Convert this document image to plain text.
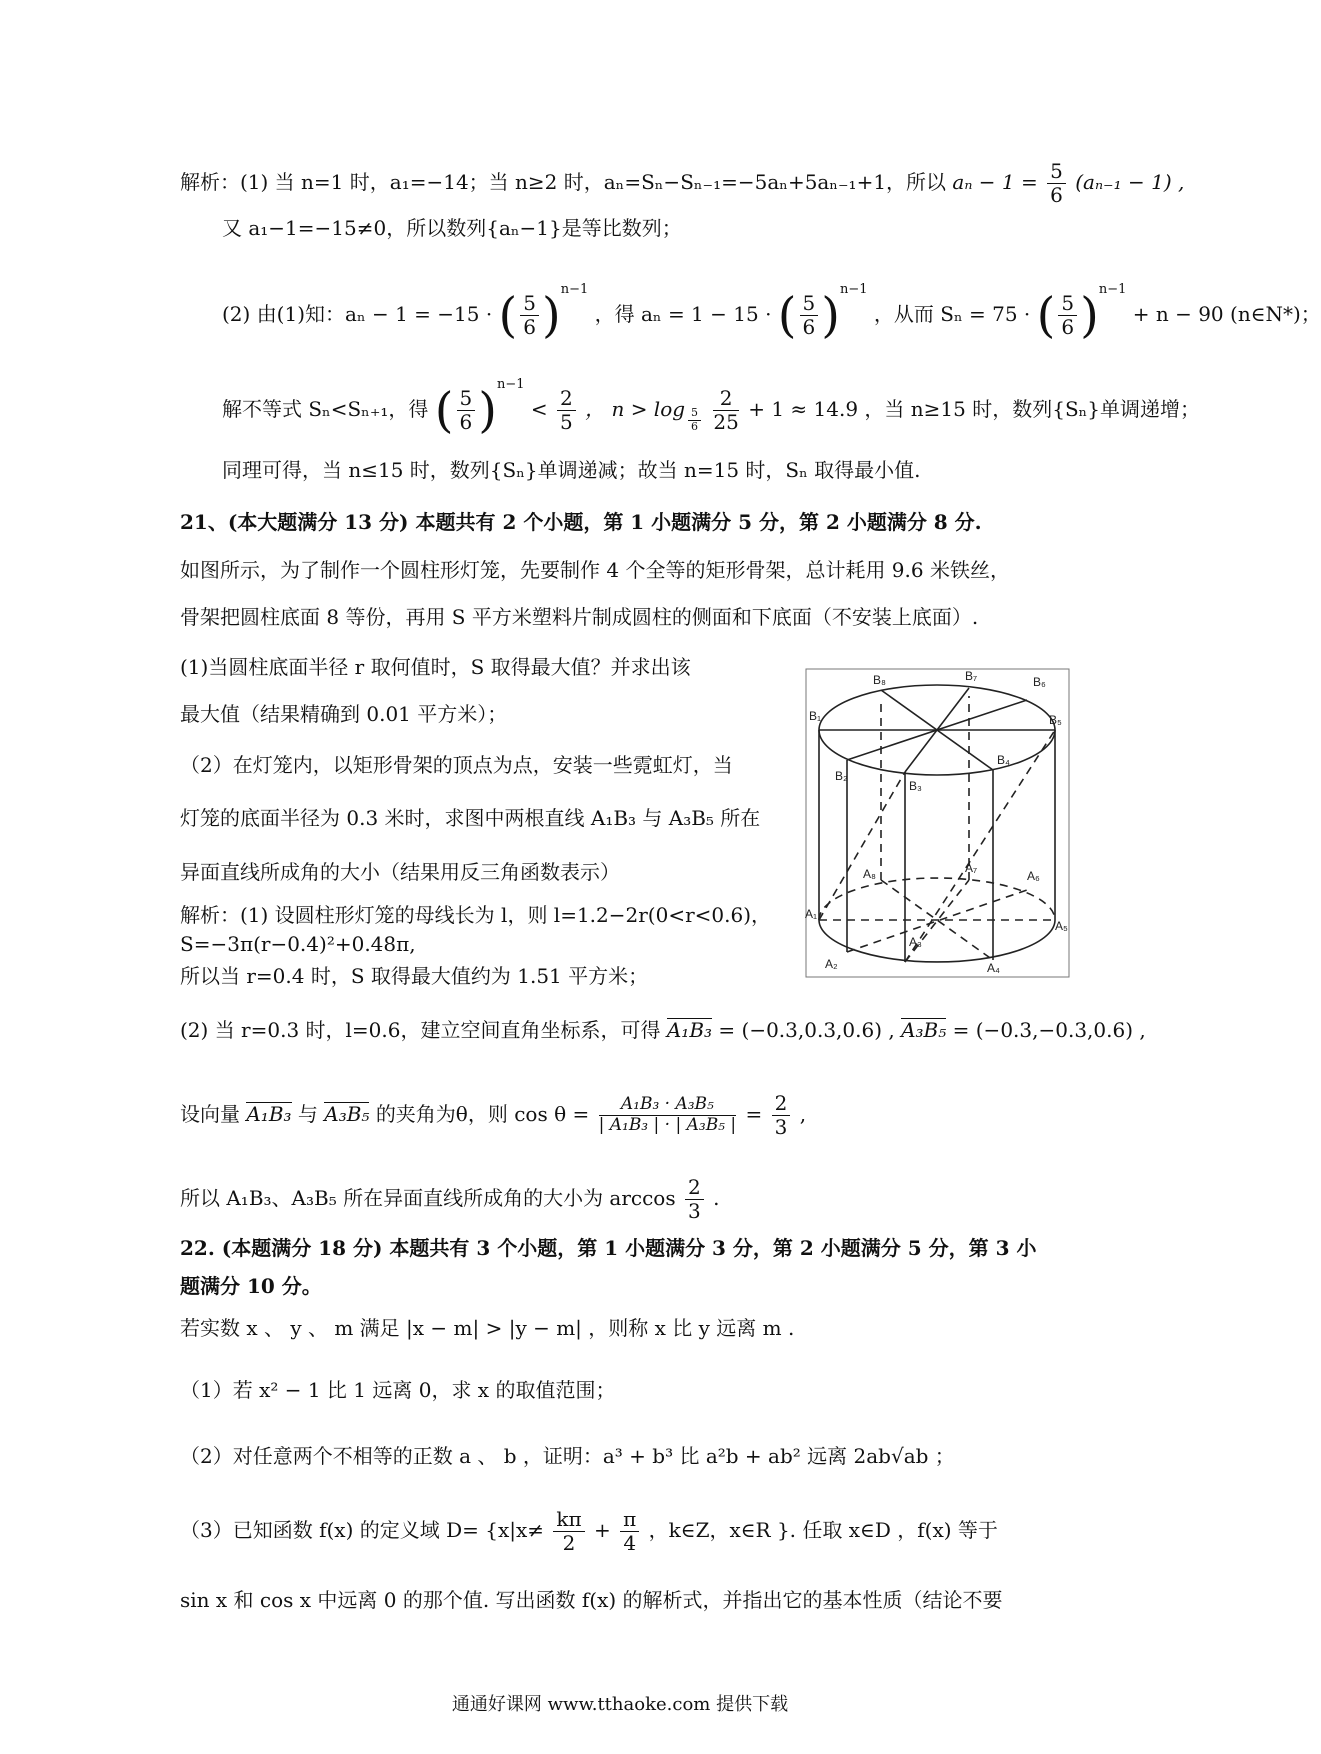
解析：(1) 当 n=1 时，a₁=−14；当 n≥2 时，aₙ=Sₙ−Sₙ₋₁=−5aₙ+5aₙ₋₁+1，所以 $a_n - 1 = \frac{5}{6} (a_{n-1} - 1)$ ,
又 a₁−1=−15≠0，所以数列{aₙ−1}是等比数列；
(2) 由(1)知：aₙ − 1 = −15 · ( $\frac{5}{6} )^{n-1}$ ，得 aₙ = 1 − 15 · ( $\frac{5}{6} )^{n-1}$ ，从而 Sₙ = 75 · ( $\frac{5}{6} )^{n-1} + n - 90$ (n∈N*)；
解不等式 Sₙ<Sₙ₊₁，得 ( $\frac{5}{6} )^{n-1} < \frac{2}{5}$ ， $n > \log \frac{5}{6}$
$\frac{2}{25} + 1 \approx 14.9$ ，当 n≥15 时，数列{Sₙ}单调递增；
同理可得，当 n≤15 时，数列{Sₙ}单调递减；故当 n=15 时，Sₙ 取得最小值.
21、(本大题满分 13 分) 本题共有 2 个小题，第 1 小题满分 5 分，第 2 小题满分 8 分.
如图所示，为了制作一个圆柱形灯笼，先要制作 4 个全等的矩形骨架，总计耗用 9.6 米铁丝，
骨架把圆柱底面 8 等份，再用 S 平方米塑料片制成圆柱的侧面和下底面（不安装上底面）.
(1)当圆柱底面半径 r 取何值时，S 取得最大值？并求出该
最大值（结果精确到 0.01 平方米）；
（2）在灯笼内，以矩形骨架的顶点为点，安装一些霓虹灯，当
灯笼的底面半径为 0.3 米时，求图中两根直线 A₁B₃ 与 A₃B₅ 所在
异面直线所成角的大小（结果用反三角函数表示）
解析：(1) 设圆柱形灯笼的母线长为 l，则 l=1.2−2r(0<r<0.6)，
S=−3π(r−0.4)²+0.48π,
所以当 r=0.4 时，S 取得最大值约为 1.51 平方米；
(2) 当 r=0.3 时，l=0.6，建立空间直角坐标系，可得 A₁B₃ = (−0.3,0.3,0.6) , A₃B₅ = (−0.3,−0.3,0.6) ,
设向量 A₁B₃ 与 A₃B₅ 的夹角为θ，则 $\cos \theta = \frac{\text{A₁B₃ · A₃B₅}}{\text{| A₁B₃ | · | A₃B₅ |}} = \frac{2}{3}$ ,
所以 A₁B₃、A₃B₅ 所在异面直线所成角的大小为 $\arccos \frac{2}{3}$ .
B₈	B₇	B₆
B₁	B₅
B₂
B₃
B₄
A₈	A₇
A₆
A₁
A₅
A₂
A₃
A₄
22. (本题满分 18 分) 本题共有 3 个小题，第 1 小题满分 3 分，第 2 小题满分 5 分，第 3 小
题满分 10 分。
若实数 x 、 y 、 m 满足 |x − m| > |y − m| ，则称 x 比 y 远离 m .
（1）若 x² − 1 比 1 远离 0，求 x 的取值范围；
（2）对任意两个不相等的正数 a 、 b ，证明：a³ + b³ 比 a²b + ab² 远离 2ab√ab ；
（3）已知函数 f(x) 的定义域 $D= \{x|x\ne \frac{k\pi}{2} + \frac{\pi}{4}$ ，k∈Z，x∈R }. 任取 x∈D ，f(x) 等于
sin x 和 cos x 中远离 0 的那个值. 写出函数 f(x) 的解析式，并指出它的基本性质（结论不要
通通好课网 www.tthaoke.com 提供下载
